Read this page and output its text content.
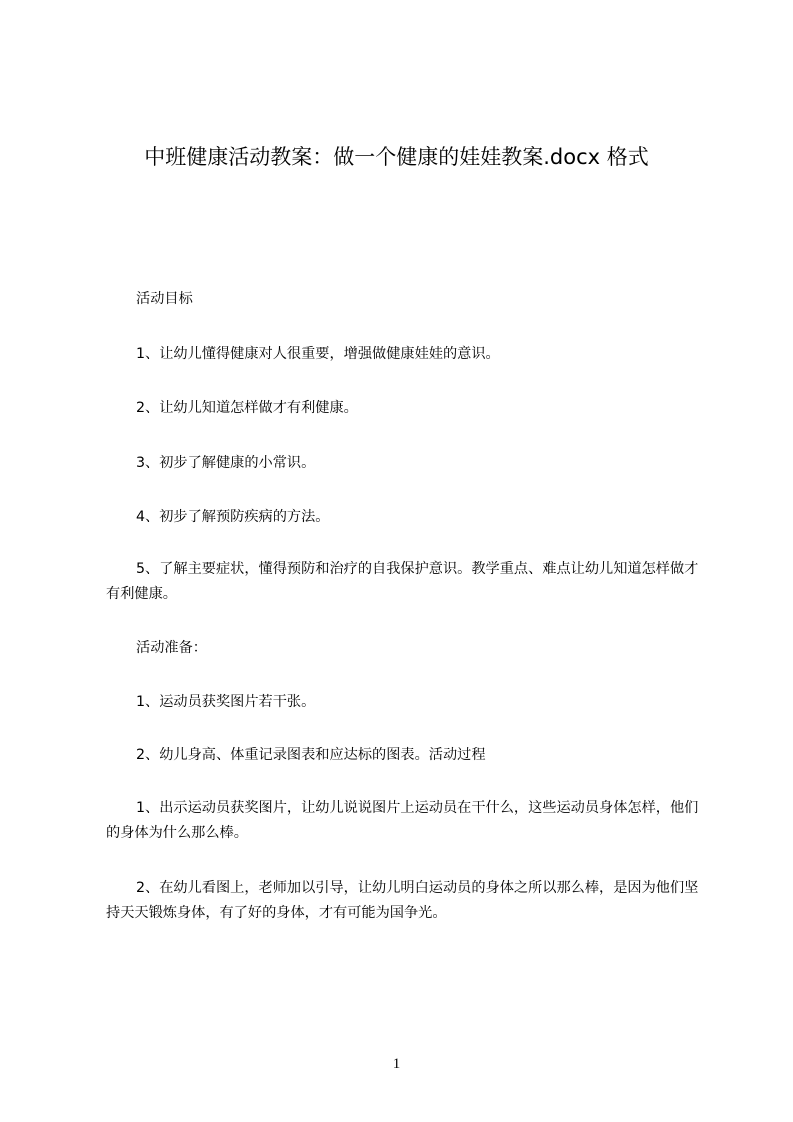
中班健康活动教案：做一个健康的娃娃教案.docx 格式

活动目标

1、让幼儿懂得健康对人很重要，增强做健康娃娃的意识。

2、让幼儿知道怎样做才有利健康。

3、初步了解健康的小常识。

4、初步了解预防疾病的方法。

5、了解主要症状，懂得预防和治疗的自我保护意识。教学重点、难点让幼儿知道怎样做才有利健康。

活动准备：

1、运动员获奖图片若干张。

2、幼儿身高、体重记录图表和应达标的图表。活动过程

1、出示运动员获奖图片，让幼儿说说图片上运动员在干什么，这些运动员身体怎样，他们的身体为什么那么棒。

2、在幼儿看图上，老师加以引导，让幼儿明白运动员的身体之所以那么棒，是因为他们坚持天天锻炼身体，有了好的身体，才有可能为国争光。

1
